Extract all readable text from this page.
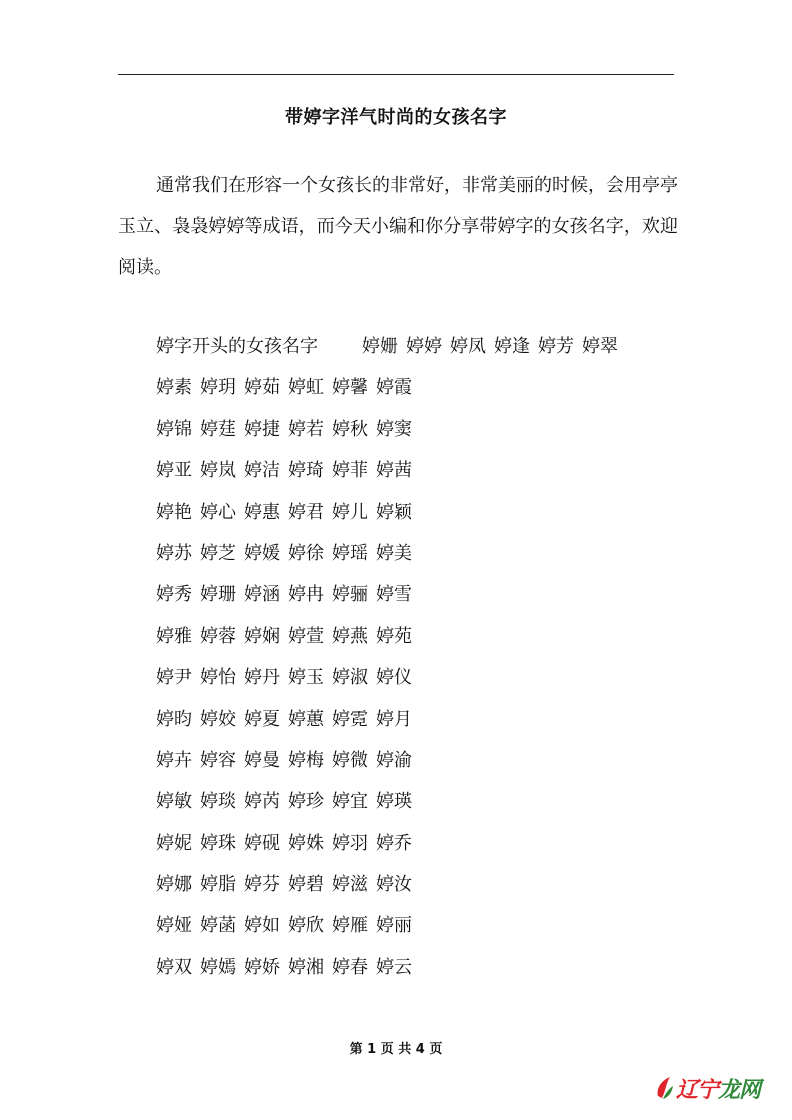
带婷字洋气时尚的女孩名字

通常我们在形容一个女孩长的非常好，非常美丽的时候，会用亭亭玉立、袅袅婷婷等成语，而今天小编和你分享带婷字的女孩名字，欢迎阅读。

婷字开头的女孩名字	婷姗 婷婷 婷凤 婷逢 婷芳 婷翠
婷素 婷玥 婷茹 婷虹 婷馨 婷霞
婷锦 婷莛 婷捷 婷若 婷秋 婷窦
婷亚 婷岚 婷洁 婷琦 婷菲 婷茜
婷艳 婷心 婷惠 婷君 婷儿 婷颖
婷苏 婷芝 婷媛 婷徐 婷瑶 婷美
婷秀 婷珊 婷涵 婷冉 婷骊 婷雪
婷雅 婷蓉 婷娴 婷萱 婷燕 婷苑
婷尹 婷怡 婷丹 婷玉 婷淑 婷仪
婷昀 婷姣 婷夏 婷蕙 婷霓 婷月
婷卉 婷容 婷曼 婷梅 婷微 婷渝
婷敏 婷琰 婷芮 婷珍 婷宜 婷瑛
婷妮 婷珠 婷砚 婷姝 婷羽 婷乔
婷娜 婷脂 婷芬 婷碧 婷滋 婷汝
婷娅 婷菡 婷如 婷欣 婷雁 婷丽
婷双 婷嫣 婷娇 婷湘 婷春 婷云
第 1 页 共 4 页
辽宁龙网
